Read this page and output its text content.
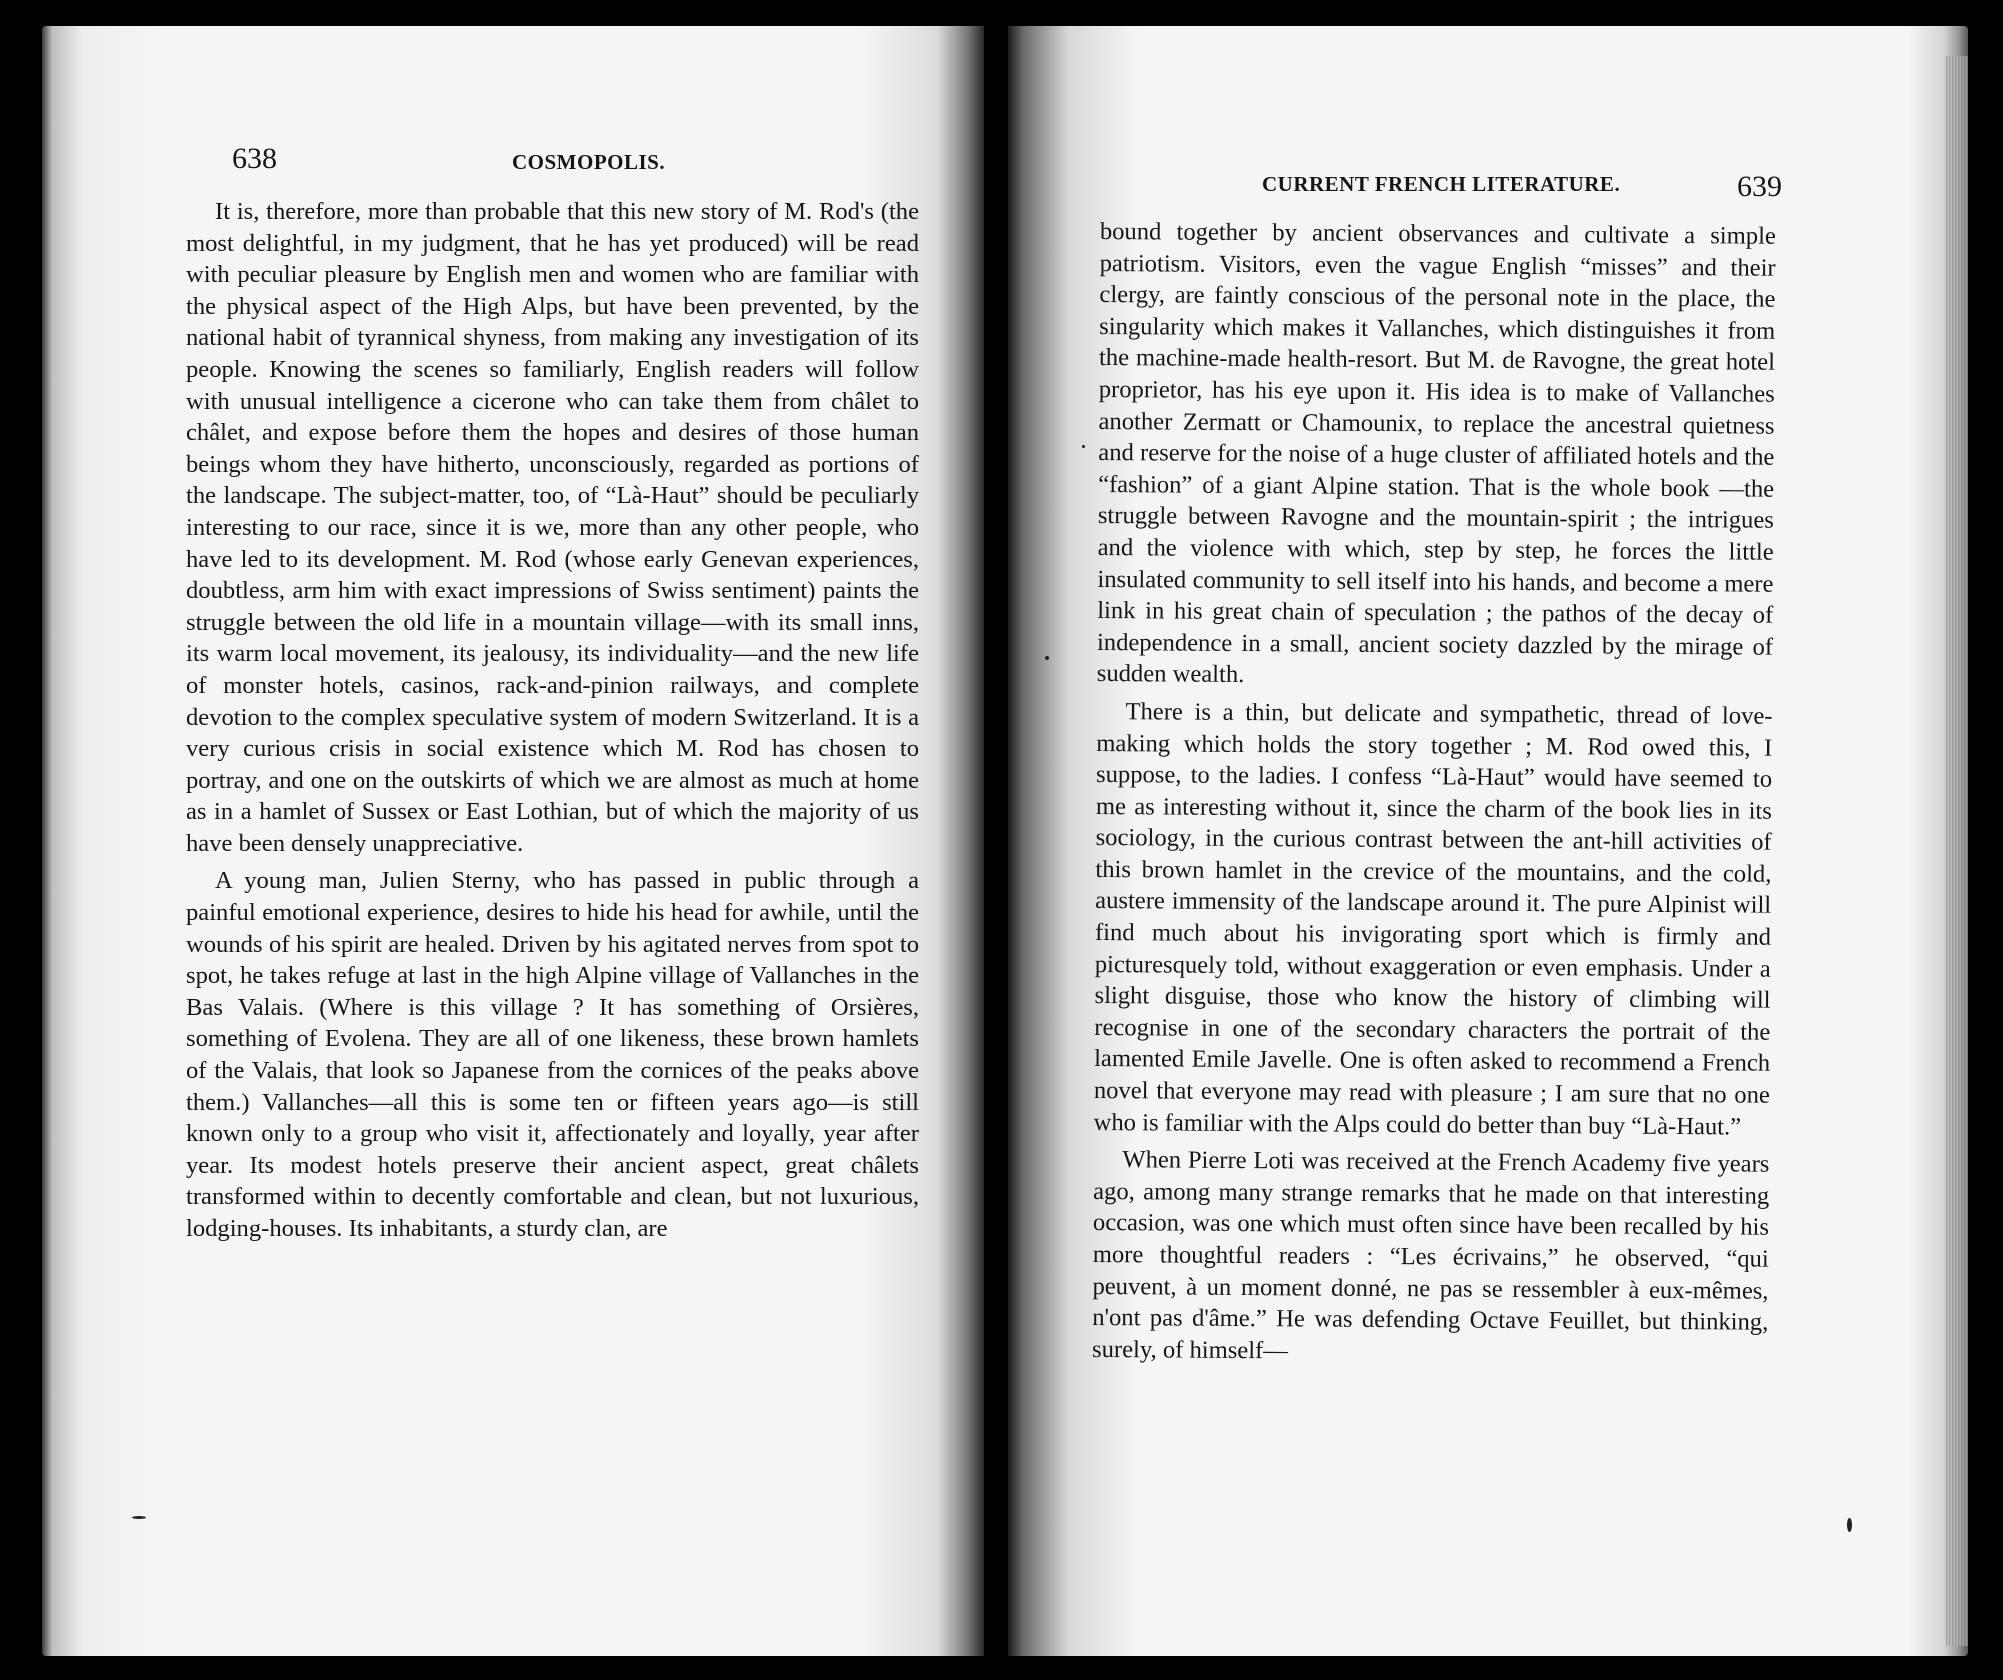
638	COSMOPOLIS.

It is, therefore, more than probable that this new story of M. Rod's (the most delightful, in my judgment, that he has yet produced) will be read with peculiar pleasure by English men and women who are familiar with the physical aspect of the High Alps, but have been prevented, by the national habit of tyrannical shyness, from making any investigation of its people. Knowing the scenes so familiarly, English readers will follow with unusual intelligence a cicerone who can take them from châlet to châlet, and expose before them the hopes and desires of those human beings whom they have hitherto, unconsciously, regarded as portions of the landscape. The subject-matter, too, of “Là-Haut” should be peculiarly interesting to our race, since it is we, more than any other people, who have led to its development. M. Rod (whose early Genevan experiences, doubtless, arm him with exact impressions of Swiss sentiment) paints the struggle between the old life in a mountain village—with its small inns, its warm local movement, its jealousy, its individuality—and the new life of monster hotels, casinos, rack-and-pinion railways, and complete devotion to the complex speculative system of modern Switzerland. It is a very curious crisis in social existence which M. Rod has chosen to portray, and one on the outskirts of which we are almost as much at home as in a hamlet of Sussex or East Lothian, but of which the majority of us have been densely unappreciative.

A young man, Julien Sterny, who has passed in public through a painful emotional experience, desires to hide his head for awhile, until the wounds of his spirit are healed. Driven by his agitated nerves from spot to spot, he takes refuge at last in the high Alpine village of Vallanches in the Bas Valais. (Where is this village ? It has something of Orsières, something of Evolena. They are all of one likeness, these brown hamlets of the Valais, that look so Japanese from the cornices of the peaks above them.) Vallanches—all this is some ten or fifteen years ago—is still known only to a group who visit it, affectionately and loyally, year after year. Its modest hotels preserve their ancient aspect, great châlets transformed within to decently comfortable and clean, but not luxurious, lodging-houses. Its inhabitants, a sturdy clan, are

CURRENT FRENCH LITERATURE.	639

bound together by ancient observances and cultivate a simple patriotism. Visitors, even the vague English “misses” and their clergy, are faintly conscious of the personal note in the place, the singularity which makes it Vallanches, which distinguishes it from the machine-made health-resort. But M. de Ravogne, the great hotel proprietor, has his eye upon it. His idea is to make of Vallanches another Zermatt or Chamounix, to replace the ancestral quietness and reserve for the noise of a huge cluster of affiliated hotels and the “fashion” of a giant Alpine station. That is the whole book —the struggle between Ravogne and the mountain-spirit ; the intrigues and the violence with which, step by step, he forces the little insulated community to sell itself into his hands, and become a mere link in his great chain of speculation ; the pathos of the decay of independence in a small, ancient society dazzled by the mirage of sudden wealth.

There is a thin, but delicate and sympathetic, thread of love-making which holds the story together ; M. Rod owed this, I suppose, to the ladies. I confess “Là-Haut” would have seemed to me as interesting without it, since the charm of the book lies in its sociology, in the curious contrast between the ant-hill activities of this brown hamlet in the crevice of the mountains, and the cold, austere immensity of the landscape around it. The pure Alpinist will find much about his invigorating sport which is firmly and picturesquely told, without exaggeration or even emphasis. Under a slight disguise, those who know the history of climbing will recognise in one of the secondary characters the portrait of the lamented Emile Javelle. One is often asked to recommend a French novel that everyone may read with pleasure ; I am sure that no one who is familiar with the Alps could do better than buy “Là-Haut.”

When Pierre Loti was received at the French Academy five years ago, among many strange remarks that he made on that interesting occasion, was one which must often since have been recalled by his more thoughtful readers : “Les écrivains,” he observed, “qui peuvent, à un moment donné, ne pas se ressembler à eux-mêmes, n'ont pas d'âme.” He was defending Octave Feuillet, but thinking, surely, of himself—
